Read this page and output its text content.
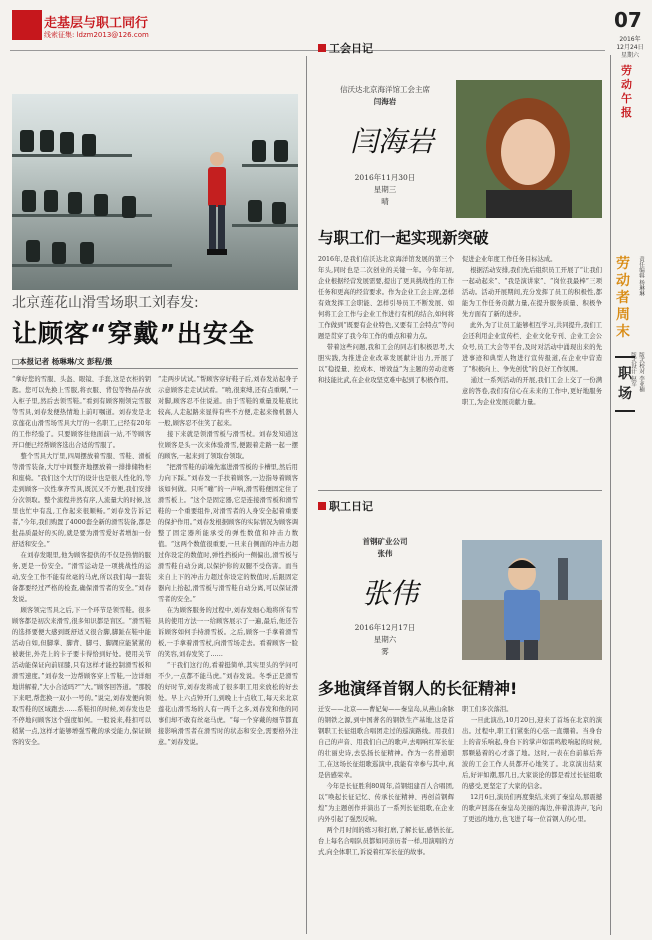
走基层与职工同行
线索征集: ldzm2013@126.com
07
2016年
12月24日
星期六
劳动午报
责任编辑 杨琳琳
版式设计 赵军 版式校对 李亚楠
劳动者周末
职场
北京莲花山滑雪场职工刘春发:
让顾客“穿戴”出安全
□本报记者 杨琳琳/文 彭程/摄
“拿好您的雪服、头盔、眼镜、手套,这是衣柜的钥匙。您可以先换上雪服,将衣服、背包等物品存放入柜子里,然后去领雪鞋。”看到有顾客刚领完雪服等雪具,刘春发便热情地上前叮嘱道。刘春发是北京莲花山滑雪场雪具大厅的一名职工,已经有20年的工作经验了。只要顾客往他面前一站,不等顾客开口便已经帮顾客选出合适的雪服了。
整个雪具大厅里,四周摆放着雪服、雪鞋、滑板等滑雪装备,大厅中间整齐地摆放着一排排储物柜和座椅。“我们这个大厅的设计也是很人性化的,等走到顾客一次性拿齐雪具,既沉又不方便,我们安排分次领取。整个流程井然有序,人流量大的时候,这里也忙中有乱,工作起来很顺畅。”刘春发告诉记者,“今年,我们购置了4000套全新的滑雪装备,都是批品质最好的买的,就是要为滑雪爱好者增加一份舒适和安全。”
在刘春发眼里,他为顾客提供的不仅是热情的服务,更是一份安全。“滑雪运动是一项挑战性的运动,安全工作不能有丝毫的马虎,所以我们每一套装备都要经过严格的检查,确保滑雪者的安全。”刘春发说。
顾客领完雪具之后,下一个环节是领雪鞋。很多顾客都是初次来滑雪,很多知识都是盲区。“滑雪鞋的选择要便大感到既舒适又很合脚,脚趾在鞋中能活动自如,但脚掌、脚背、脚弓、脚踝应能紧紧的被裹住,外壳上的卡子要卡得恰到好处。使用关节活动能保证向前屈膝,只有这样才能控制滑雪板和滑雪速度。”刘春发一边帮顾客穿上雪鞋,一边详细地讲解着,“大小合适吗?”“大。”顾客回答道。“那脱下来吧,帮您换一双小一号的。”说完,刘春发便向领取雪鞋的区域跑去……系鞋扣的时候,刘春发也是不停地问顾客这个强度如何。一般说来,鞋扣可以稍紧一点,这样才能够增强雪靴的承受能力,保证顾客的安全。
“走两步试试。”帮顾客穿好鞋子后,刘春发站起身子示意顾客走走试试看。“哟,很束缚,还有点重啊,”一对脚,顾客忍不住说道。由于雪鞋的重量及鞋底比较高,人走起路来显得有些不方便,走起来像机器人一般,顾客忍不住笑了起来。
接下来就是领滑雪板与滑雪杖。刘春发知道这位顾客是头一次来体验滑雪,便跟着走路一起一摆的顾客,一起来到了领取台领取。
“把滑雪鞋的前端先塞进滑雪板的卡槽里,然后用力向下踩。”刘春发一手扶着顾客,一边指导着顾客该如何做。只听“嘣”的一声响,滑雪鞋便固定住了滑雪板上。“这个是固定器,它是连接滑雪板和滑雪鞋的一个重要组件,对滑雪者的人身安全起着重要的保护作用。”刘春发根据顾客的实际情况为顾客调整了固定器所能承受的弹性数值和冲击力数值。“这两个数值很重要,一旦来自侧面的冲击力超过你设定的数值时,弹性挡板向一侧偏出,滑雪板与滑雪鞋自动分离,以保护你的双腿不受伤害。而当来自上下的冲击力超过你设定的数值时,后跟固定器向上抬起,滑雪板与滑雪鞋自动分离,可以保证滑雪者的安全。”
在为顾客服务的过程中,刘春发细心地将所有雪具的使用方法一一给顾客展示了一遍,最后,他还告诉顾客如何手持滑雪板。之后,顾客一手拿着滑雪板,一手拿着滑雪杖,向滑雪场走去。看着顾客一脸的笑容,刘春发笑了……
“干我们这行的,看着挺简单,其实里头的学问可不少,一点都不能马虎。”刘春发说。冬季正是滑雪的好时节,刘春发将成了很多职工用来放松的好去处。早上六点钟开门,到晚上十点收工,每天来北京莲花山滑雪场的人有一两千之多,刘春发和他的同事们却不敢有丝毫马虎。“每一个穿戴的细节都直接影响滑雪者在滑雪时的状态和安全,需要格外注意。”刘春发说。
工会日记
信沃达北京海洋馆工会主席
闫海岩
闫海岩
2016年11月30日
星期三
晴
与职工们一起实现新突破
2016年,是我们信沃达北京海洋馆发展的第三个年头,同时也是二次创业的关键一年。今年年初,企业根据经营发展需要,提出了更具挑战性的工作任务和更高的经营要求。作为企业工会主席,怎样有效发挥工会职能、怎样引导员工不断发展、如何将工会工作与企业工作进行有机的结合,如何将工作做到“既要有企业特色,又要有工会特点”等问题是贯穿了我今年工作的重点和着力点。
带着这些问题,我和工会的同志们积极思考,大胆实践,为推进企业改革发展献计出力,开展了以“稳提量、控成本、增效益”为主题的劳动竞赛和技能比武,在企业攻坚克难中起到了积极作用。
促进企业年度工作任务目标达成。
根据活动安排,我们先后组织员工开展了“让我们一起动起来”、“我是演讲家”、“岗位我最棒”三项活动。活动开展期间,充分发挥了员工的积极性,都能为工作任务贡献力量,在提升服务质量、积极争先方面有了新的进步。
此外,为了让员工能够相互学习,共同提升,我们工会还利用企业宣传栏、企业文化专刊、企业工会公众号,员工大会等平台,及时对活动中涌现出来的先进事迹和典型人物进行宣传报道,在企业中营造了“积极向上、争先创优”的良好工作氛围。
通过一系列活动的开展,我们工会上交了一份满意的答卷,我们有信心在未来的工作中,更好地服务职工,为企业发展贡献力量。
职工日记
首钢矿业公司
张伟
张伟
2016年12月17日
星期六
雾
多地演绎首钢人的长征精神!
迁安——北京——曹妃甸——秦皇岛,从燕山余脉的钢铁之源,到中国著名的钢铁生产基地,这是首钢职工长征组歌合唱团走过的巡演路线。用我们自己的声音、用我们自己的歌声,去唱响红军长征的壮丽史诗,去弘扬长征精神。作为一名普通职工,在这场长征组歌巡演中,我能有幸参与其中,真是倍感荣幸。
今年是长征胜利80周年,首钢组建百人合唱团,以“唤起长征记忆、传承长征精神、再创首钢辉煌”为主题创作并演出了一系列长征组歌,在企业内外引起了强烈反响。
两个月时间的练习和打磨,了解长征,感悟长征,台上每名合唱队员都如同亲历者一样,用演唱的方式,向全体职工,诉说着红军长征的故事。
职工们多次落泪。
一旦此演出,10月20日,迎来了首场在北京的演出。过程中,职工们紧张的心弦一直绷着。当身台上的音乐响起,身台下的掌声如雷鸣般响起的时候,那颗悬着的心才落了地。这时,一表在台前慕后奔波的工会工作人员都开心地笑了。北京演出结束后,好评如潮,那几日,大家谈论的都是看过长征组歌的感受,更坚定了大家的信念。
12月6日,演员们再度集结,来到了秦皇岛,那震撼的歌声回荡在秦皇岛美丽的海边,伴着浪涛声,飞向了更远的地方,也飞进了每一位首钢人的心里。
